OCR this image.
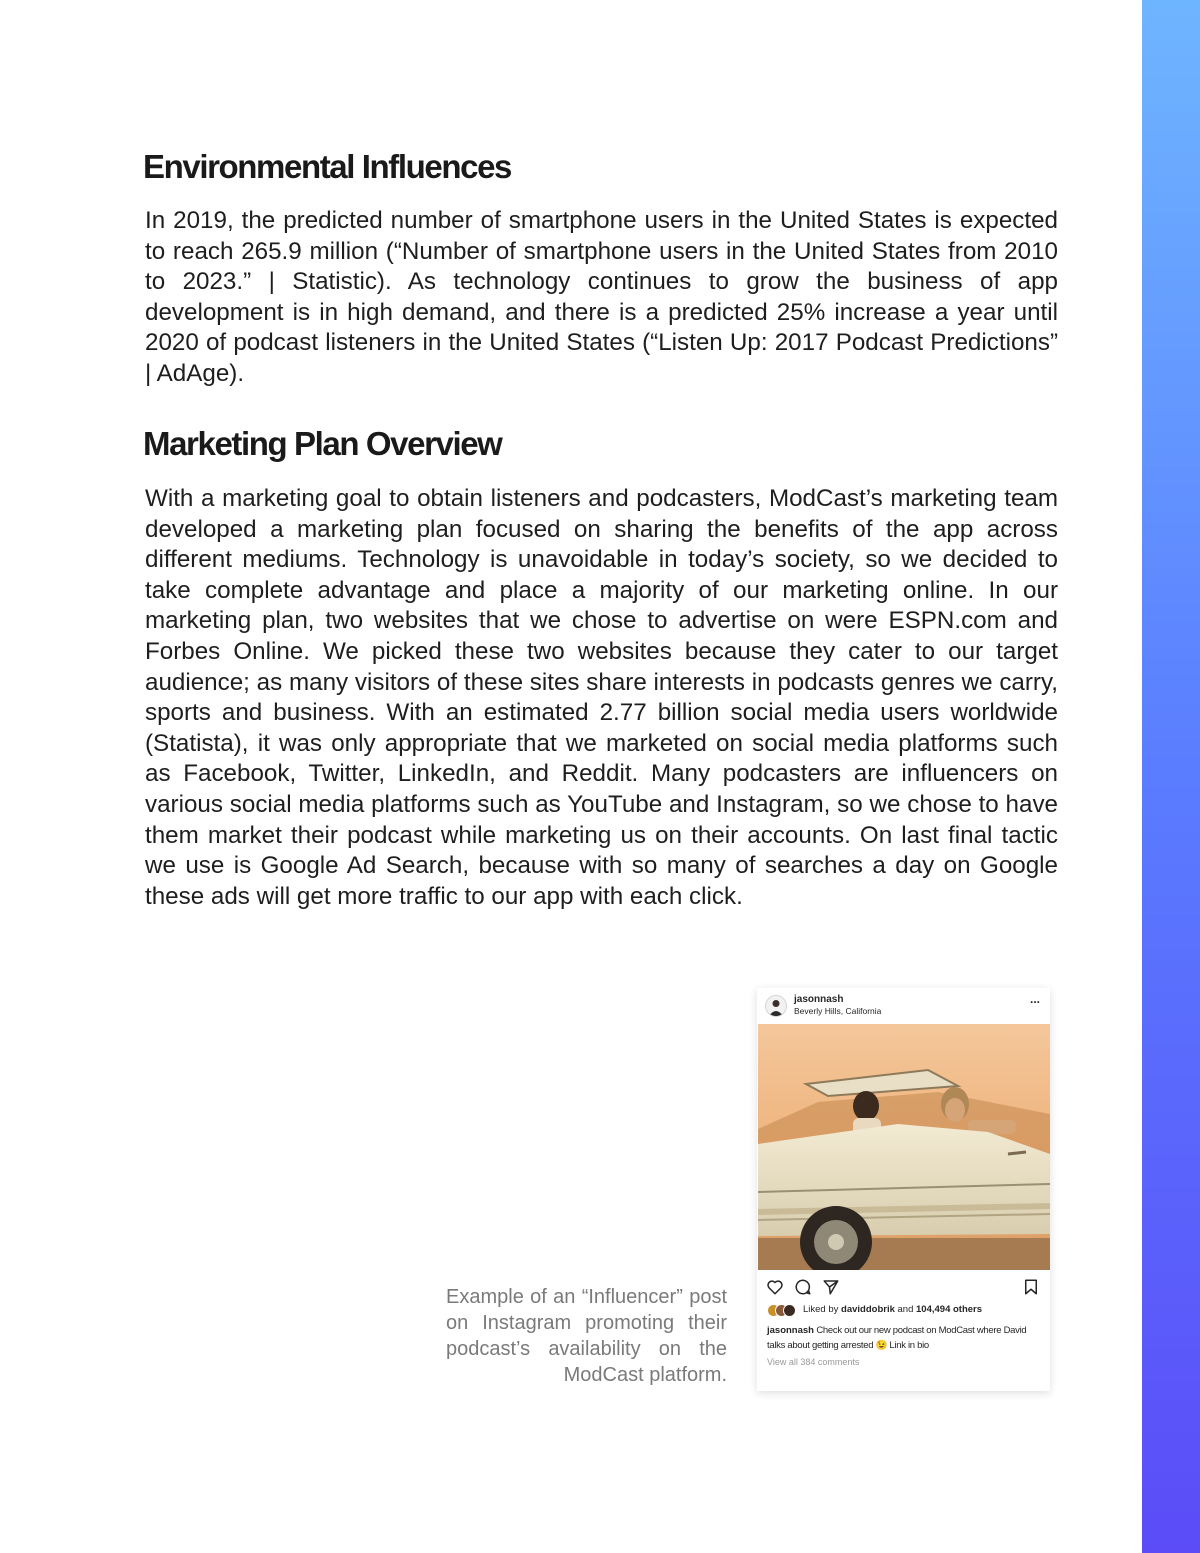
Environmental Influences

In 2019, the predicted number of smartphone users in the United States is expected to reach 265.9 million (“Number of smartphone users in the United States from 2010 to 2023.” | Statistic). As technology continues to grow the business of app development is in high demand, and there is a predicted 25% increase a year until 2020 of podcast listeners in the United States (“Listen Up: 2017 Podcast Predictions” | AdAge).

Marketing Plan Overview

With a marketing goal to obtain listeners and podcasters, ModCast’s marketing team developed a marketing plan focused on sharing the benefits of the app across different mediums. Technology is unavoidable in today’s society, so we decided to take complete advantage and place a majority of our marketing online. In our marketing plan, two websites that we chose to advertise on were ESPN.com and Forbes Online. We picked these two websites because they cater to our target audience; as many visitors of these sites share interests in podcasts genres we carry, sports and business. With an estimated 2.77 billion social media users worldwide (Statista), it was only appropriate that we marketed on social media platforms such as Facebook, Twitter, LinkedIn, and Reddit. Many podcasters are influencers on various social media platforms such as YouTube and Instagram, so we chose to have them market their podcast while marketing us on their accounts. On last final tactic we use is Google Ad Search, because with so many of searches a day on Google these ads will get more traffic to our app with each click.

Example of an “Influencer” post on Instagram promoting their podcast’s availability on the ModCast platform.

jasonnash
Beverly Hills, California
...
Liked by daviddobrik and 104,494 others
jasonnash Check out our new podcast on ModCast where David talks about getting arrested 😉 Link in bio
View all 384 comments
